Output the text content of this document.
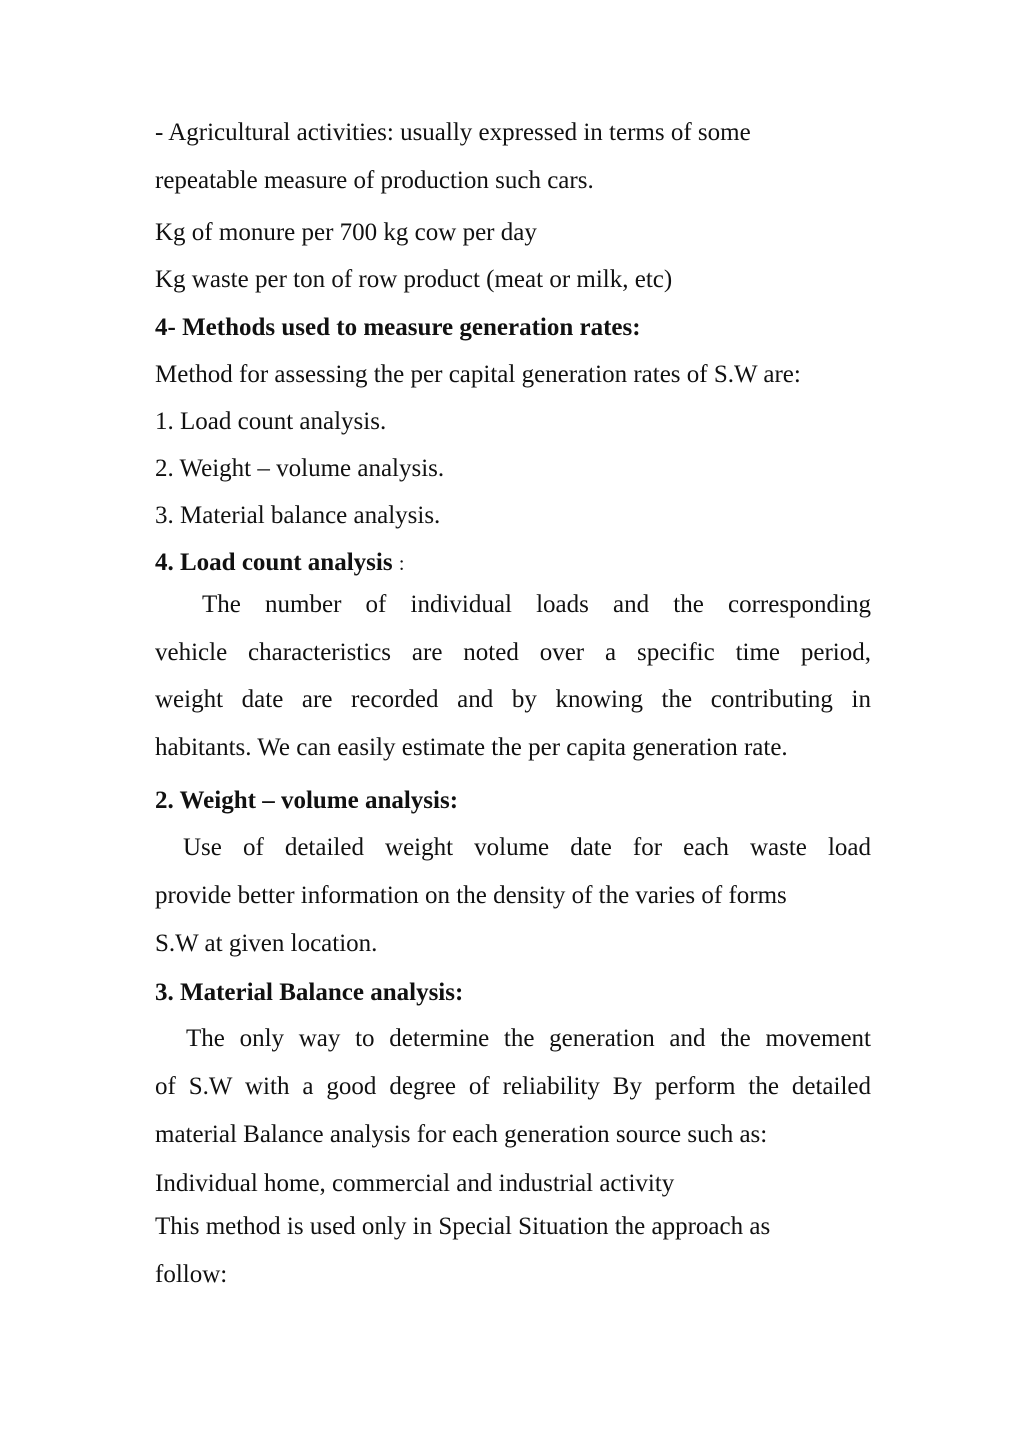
- Agricultural activities: usually expressed in terms of some
repeatable measure of production such cars.
Kg of monure per 700 kg cow per day
Kg waste per ton of row product (meat or milk, etc)
4- Methods used to measure generation rates:
Method for assessing the per capital generation rates of S.W are:
1. Load count analysis.
2. Weight – volume analysis.
3. Material balance analysis.
4. Load count analysis :
The number of individual loads and the corresponding
vehicle characteristics are noted over a specific time period,
weight date are recorded and by knowing the contributing in
habitants. We can easily estimate the per capita generation rate.
2. Weight – volume analysis:
Use of detailed weight volume date for each waste load
provide better information on the density of the varies of forms
S.W at given location.
3. Material Balance analysis:
The only way to determine the generation and the movement
of S.W with a good degree of reliability By perform the detailed
material Balance analysis for each generation source such as:
Individual home, commercial and industrial activity
This method is used only in Special Situation the approach as
follow:
